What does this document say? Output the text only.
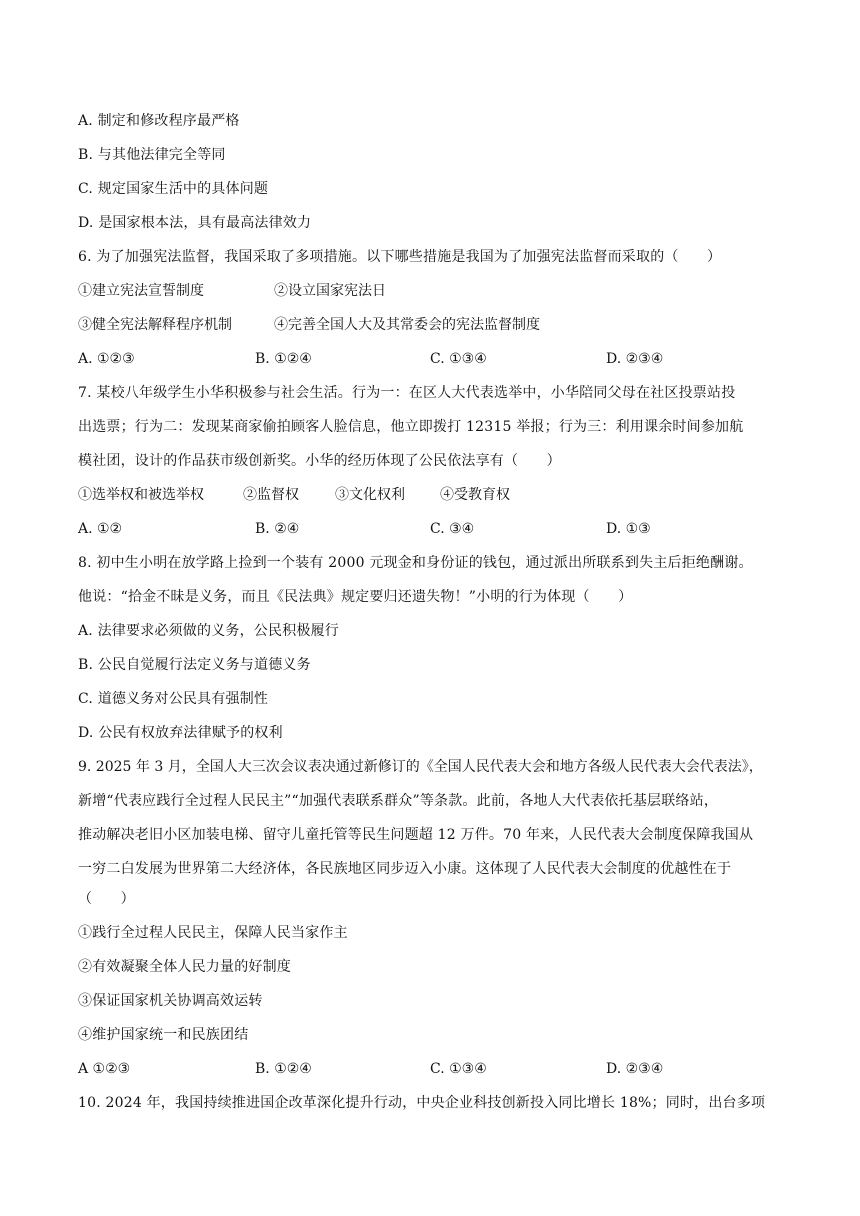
A. 制定和修改程序最严格
B. 与其他法律完全等同
C. 规定国家生活中的具体问题
D. 是国家根本法，具有最高法律效力
6. 为了加强宪法监督，我国采取了多项措施。以下哪些措施是我国为了加强宪法监督而采取的（　　）
①建立宪法宣誓制度	②设立国家宪法日
③健全宪法解释程序机制	④完善全国人大及其常委会的宪法监督制度
A. ①②③	B. ①②④	C. ①③④	D. ②③④
7. 某校八年级学生小华积极参与社会生活。行为一：在区人大代表选举中，小华陪同父母在社区投票站投
出选票；行为二：发现某商家偷拍顾客人脸信息，他立即拨打 12315 举报；行为三：利用课余时间参加航
模社团，设计的作品获市级创新奖。小华的经历体现了公民依法享有（　　）
①选举权和被选举权	②监督权	③文化权利	④受教育权
A. ①②	B. ②④	C. ③④	D. ①③
8. 初中生小明在放学路上捡到一个装有 2000 元现金和身份证的钱包，通过派出所联系到失主后拒绝酬谢。
他说：“拾金不昧是义务，而且《民法典》规定要归还遗失物！”小明的行为体现（　　）
A. 法律要求必须做的义务，公民积极履行
B. 公民自觉履行法定义务与道德义务
C. 道德义务对公民具有强制性
D. 公民有权放弃法律赋予的权利
9. 2025 年 3 月，全国人大三次会议表决通过新修订的《全国人民代表大会和地方各级人民代表大会代表法》，
新增“代表应践行全过程人民民主”“加强代表联系群众”等条款。此前，各地人大代表依托基层联络站，
推动解决老旧小区加装电梯、留守儿童托管等民生问题超 12 万件。70 年来，人民代表大会制度保障我国从
一穷二白发展为世界第二大经济体，各民族地区同步迈入小康。这体现了人民代表大会制度的优越性在于
（　　）
①践行全过程人民民主，保障人民当家作主
②有效凝聚全体人民力量的好制度
③保证国家机关协调高效运转
④维护国家统一和民族团结
A ①②③	B. ①②④	C. ①③④	D. ②③④
10. 2024 年，我国持续推进国企改革深化提升行动，中央企业科技创新投入同比增长 18%；同时，出台多项
